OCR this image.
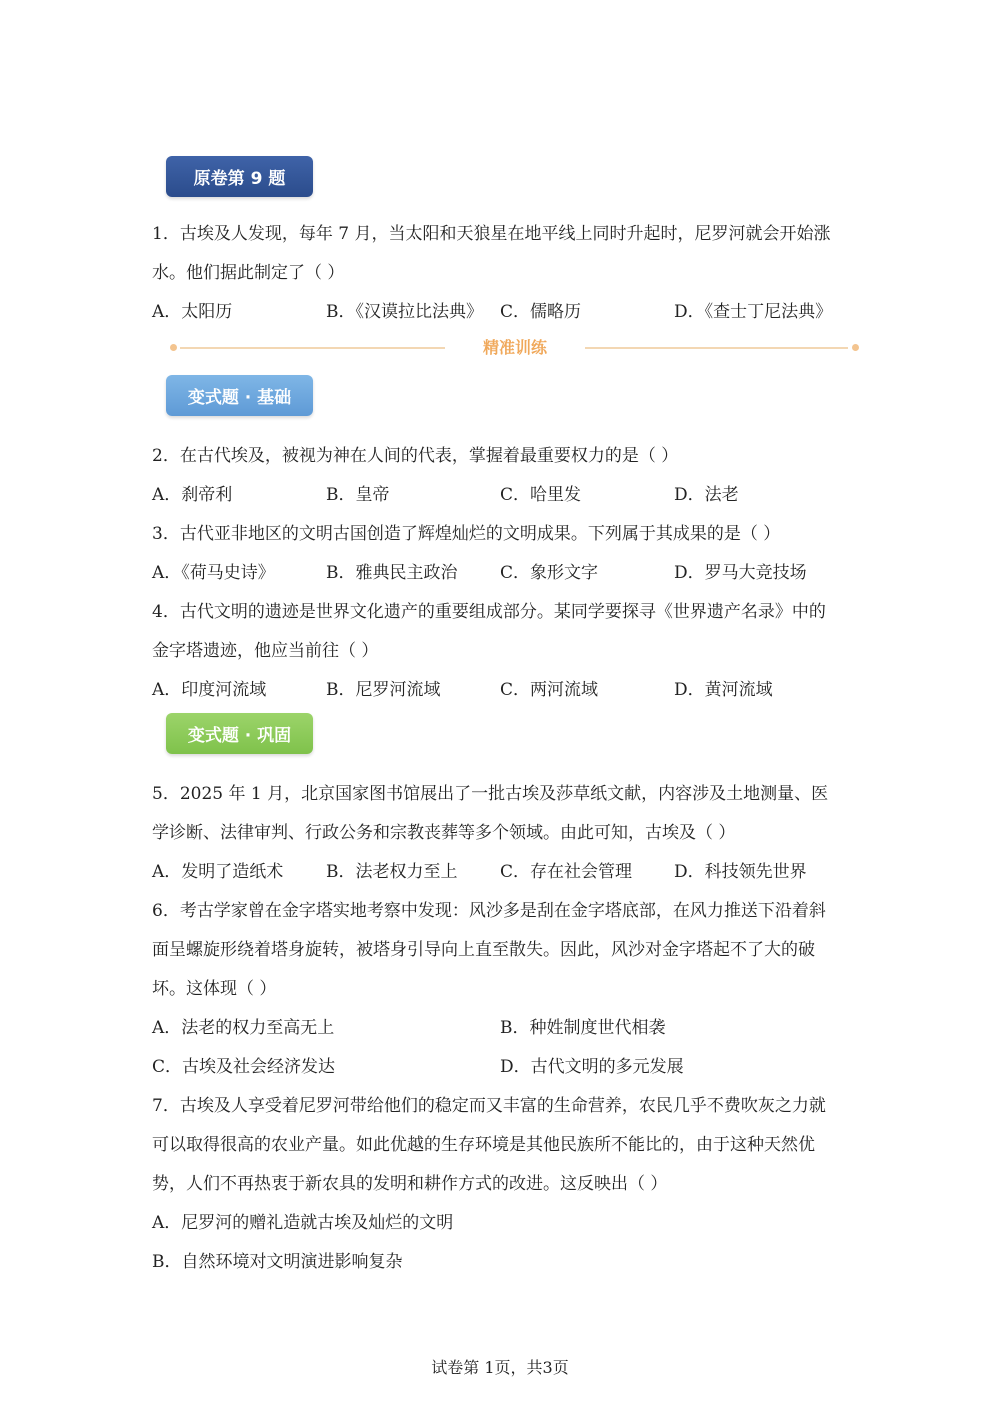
原卷第 9 题
1．古埃及人发现，每年 7 月，当太阳和天狼星在地平线上同时升起时，尼罗河就会开始涨
水。他们据此制定了（ ）
A．太阳历	B．《汉谟拉比法典》 C．儒略历	D．《查士丁尼法典》
精准训练
变式题 · 基础
2．在古代埃及，被视为神在人间的代表，掌握着最重要权力的是（ ）
A．刹帝利	B．皇帝	C．哈里发	D．法老
3．古代亚非地区的文明古国创造了辉煌灿烂的文明成果。下列属于其成果的是（ ）
A．《荷马史诗》	B．雅典民主政治	C．象形文字	D．罗马大竞技场
4．古代文明的遗迹是世界文化遗产的重要组成部分。某同学要探寻《世界遗产名录》中的
金字塔遗迹，他应当前往（ ）
A．印度河流域	B．尼罗河流域	C．两河流域	D．黄河流域
变式题 · 巩固
5．2025 年 1 月，北京国家图书馆展出了一批古埃及莎草纸文献，内容涉及土地测量、医
学诊断、法律审判、行政公务和宗教丧葬等多个领域。由此可知，古埃及（ ）
A．发明了造纸术	B．法老权力至上	C．存在社会管理 D．科技领先世界
6．考古学家曾在金字塔实地考察中发现：风沙多是刮在金字塔底部，在风力推送下沿着斜
面呈螺旋形绕着塔身旋转，被塔身引导向上直至散失。因此，风沙对金字塔起不了大的破
坏。这体现（ ）
A．法老的权力至高无上	B．种姓制度世代相袭
C．古埃及社会经济发达	D．古代文明的多元发展
7．古埃及人享受着尼罗河带给他们的稳定而又丰富的生命营养，农民几乎不费吹灰之力就
可以取得很高的农业产量。如此优越的生存环境是其他民族所不能比的，由于这种天然优
势，人们不再热衷于新农具的发明和耕作方式的改进。这反映出（ ）
A．尼罗河的赠礼造就古埃及灿烂的文明
B．自然环境对文明演进影响复杂
试卷第 1页，共3页
